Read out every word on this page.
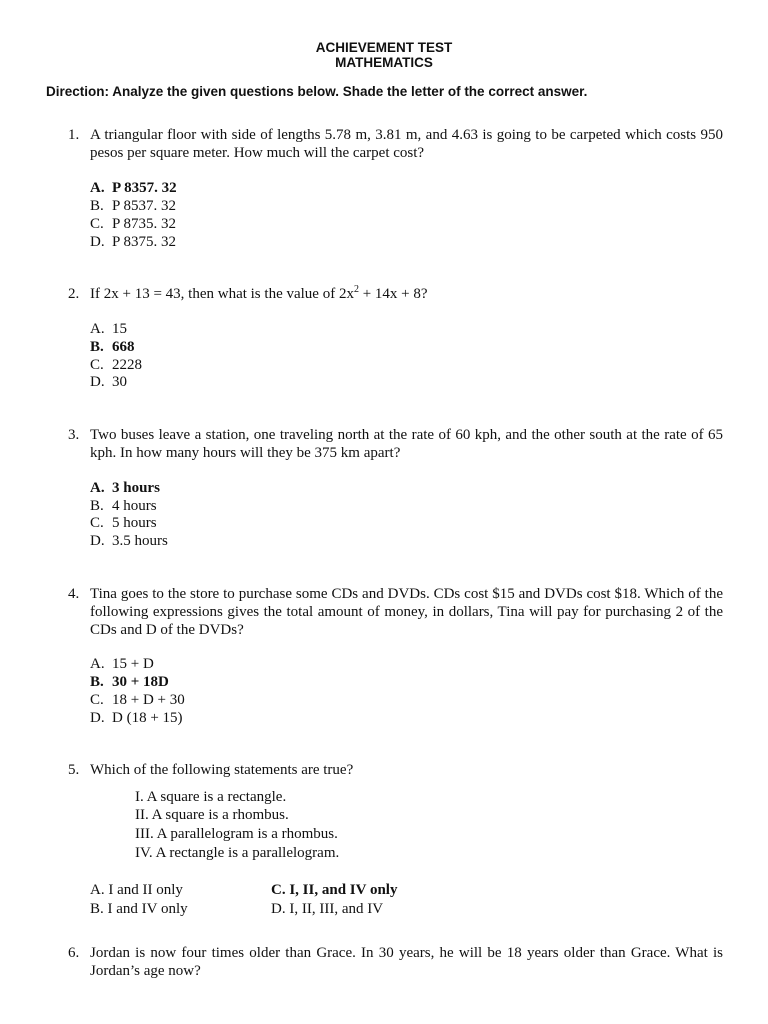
ACHIEVEMENT TEST
MATHEMATICS
Direction: Analyze the given questions below. Shade the letter of the correct answer.
1. A triangular floor with side of lengths 5.78 m, 3.81 m, and 4.63 is going to be carpeted which costs 950 pesos per square meter. How much will the carpet cost?
A. P 8357. 32
B. P 8537. 32
C. P 8735. 32
D. P 8375. 32
2. If 2x + 13 = 43, then what is the value of $2x^2 + 14x + 8$?
A. 15
B. 668
C. 2228
D. 30
3. Two buses leave a station, one traveling north at the rate of 60 kph, and the other south at the rate of 65 kph. In how many hours will they be 375 km apart?
A. 3 hours
B. 4 hours
C. 5 hours
D. 3.5 hours
4. Tina goes to the store to purchase some CDs and DVDs. CDs cost $15 and DVDs cost $18. Which of the following expressions gives the total amount of money, in dollars, Tina will pay for purchasing 2 of the CDs and D of the DVDs?
A. 15 + D
B. 30 + 18D
C. 18 + D + 30
D. D (18 + 15)
5. Which of the following statements are true?
I. A square is a rectangle.
II. A square is a rhombus.
III. A parallelogram is a rhombus.
IV. A rectangle is a parallelogram.
A. I and II only
B. I and IV only
C. I, II, and IV only
D. I, II, III, and IV
6. Jordan is now four times older than Grace. In 30 years, he will be 18 years older than Grace. What is Jordan’s age now?
